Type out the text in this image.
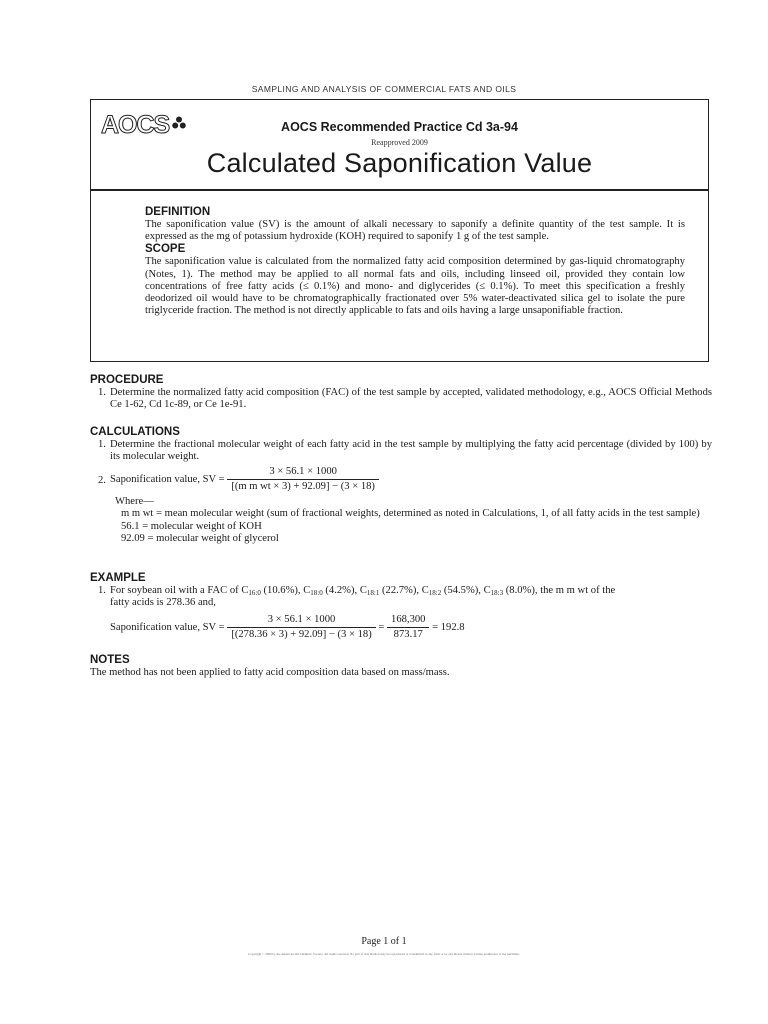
SAMPLING AND ANALYSIS OF COMMERCIAL FATS AND OILS
AOCS	AOCS Recommended Practice Cd 3a-94
Reapproved 2009
Calculated Saponification Value
DEFINITION

The saponification value (SV) is the amount of alkali necessary to saponify a definite quantity of the test sample. It is expressed as the mg of potassium hydroxide (KOH) required to saponify 1 g of the test sample.

SCOPE

The saponification value is calculated from the normalized fatty acid composition determined by gas-liquid chromatography (Notes, 1). The method may be applied to all normal fats and oils, including linseed oil, provided they contain low concentrations of free fatty acids (≤ 0.1%) and mono- and diglycerides (≤ 0.1%). To meet this specification a freshly deodorized oil would have to be chromatographically fractionated over 5% water-deactivated silica gel to isolate the pure triglyceride fraction. The method is not directly applicable to fats and oils having a large unsaponifiable fraction.

PROCEDURE
1. Determine the normalized fatty acid composition (FAC) of the test sample by accepted, validated methodology, e.g., AOCS Official Methods Ce 1-62, Cd 1c-89, or Ce 1e-91.
CALCULATIONS
1. Determine the fractional molecular weight of each fatty acid in the test sample by multiplying the fatty acid percentage (divided by 100) by its molecular weight.
2. Saponification value, SV = $\frac{3 \times 56.1 \times 1000}{\text{[(m m wt × 3) + 92.09] − (3 × 18)}}$
Where—
m m wt = mean molecular weight (sum of fractional weights, determined as noted in Calculations, 1, of all fatty acids in the test sample)
56.1 = molecular weight of KOH
92.09 = molecular weight of glycerol
EXAMPLE
1. For soybean oil with a FAC of $C_{16:0}$ (10.6%), $C_{18:0}$ (4.2%), $C_{18:1}$ (22.7%), $C_{18:2}$ (54.5%), $C_{18:3}$ (8.0%), the m m wt of the
fatty acids is 278.36 and,
Saponification value, SV = $\frac{3 \times 56.1 \times 1000}{[(278.36 \times 3) + 92.09] - (3 \times 18)} = \frac{168,300}{873.17} = 192.8$
NOTES
The method has not been applied to fatty acid composition data based on mass/mass.
Page 1 of 1
Copyright © 2009 by the American Oil Chemists' Society. All rights reserved. No part of this method may be reproduced or transmitted in any form or by any means without written permission of the publisher.
